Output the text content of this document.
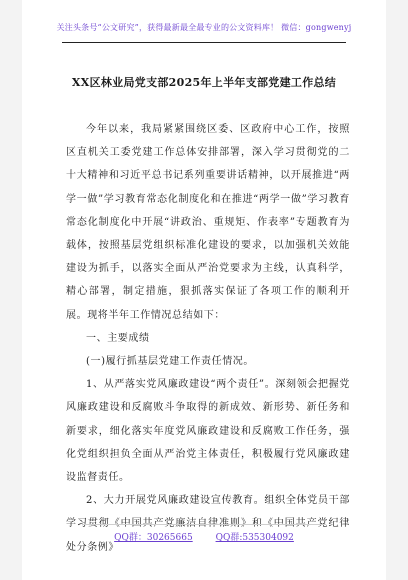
关注头条号“公文研究”，获得最新最全最专业的公文资料库！ 微信：gongwenyj
XX区林业局党支部2025年上半年支部党建工作总结

今年以来，我局紧紧围绕区委、区政府中心工作，按照区直机关工委党建工作总体安排部署，深入学习贯彻党的二十大精神和习近平总书记系列重要讲话精神，以开展推进“两学一做”学习教育常态化制度化和在推进“两学一做”学习教育常态化制度化中开展“讲政治、重规矩、作表率”专题教育为载体，按照基层党组织标准化建设的要求，以加强机关效能建设为抓手，以落实全面从严治党要求为主线，认真科学，精心部署，制定措施，狠抓落实保证了各项工作的顺利开展。现将半年工作情况总结如下：

一、主要成绩

(一)履行抓基层党建工作责任情况。

1、从严落实党风廉政建设“两个责任”。深刻领会把握党风廉政建设和反腐败斗争取得的新成效、新形势、新任务和新要求，细化落实年度党风廉政建设和反腐败工作任务，强化党组织担负全面从严治党主体责任，积极履行党风廉政建设监督责任。

2、大力开展党风廉政建设宣传教育。组织全体党员干部学习贯彻《中国共产党廉洁自律准则》和《中国共产党纪律处分条例》

QQ群：30265665	QQ群:535304092
